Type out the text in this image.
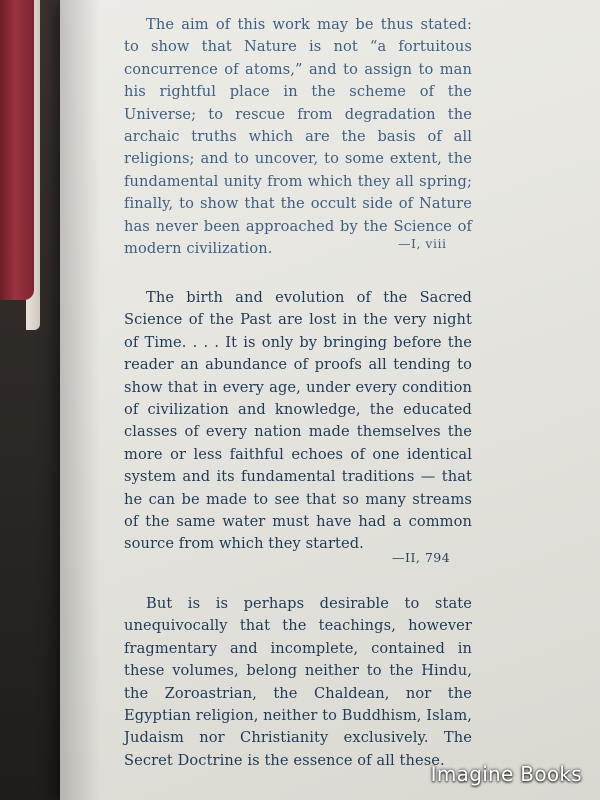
The aim of this work may be thus stated: to show that Nature is not “a fortuitous concurrence of atoms,” and to assign to man his rightful place in the scheme of the Universe; to rescue from degradation the archaic truths which are the basis of all religions; and to uncover, to some extent, the fundamental unity from which they all spring; finally, to show that the occult side of Nature has never been approached by the Science of modern civilization.	—I, viii

The birth and evolution of the Sacred Science of the Past are lost in the very night of Time. . . . It is only by bringing before the reader an abundance of proofs all tending to show that in every age, under every condition of civilization and knowledge, the educated classes of every nation made themselves the more or less faithful echoes of one identical system and its fundamental traditions — that he can be made to see that so many streams of the same water must have had a common source from which they started.

—II, 794

But is is perhaps desirable to state unequivocally that the teachings, however fragmentary and incomplete, contained in these volumes, belong neither to the Hindu, the Zoroastrian, the Chaldean, nor the Egyptian religion, neither to Buddhism, Islam, Judaism nor Christianity exclusively. The Secret Doctrine is the essence of all these.

Imagine Books
